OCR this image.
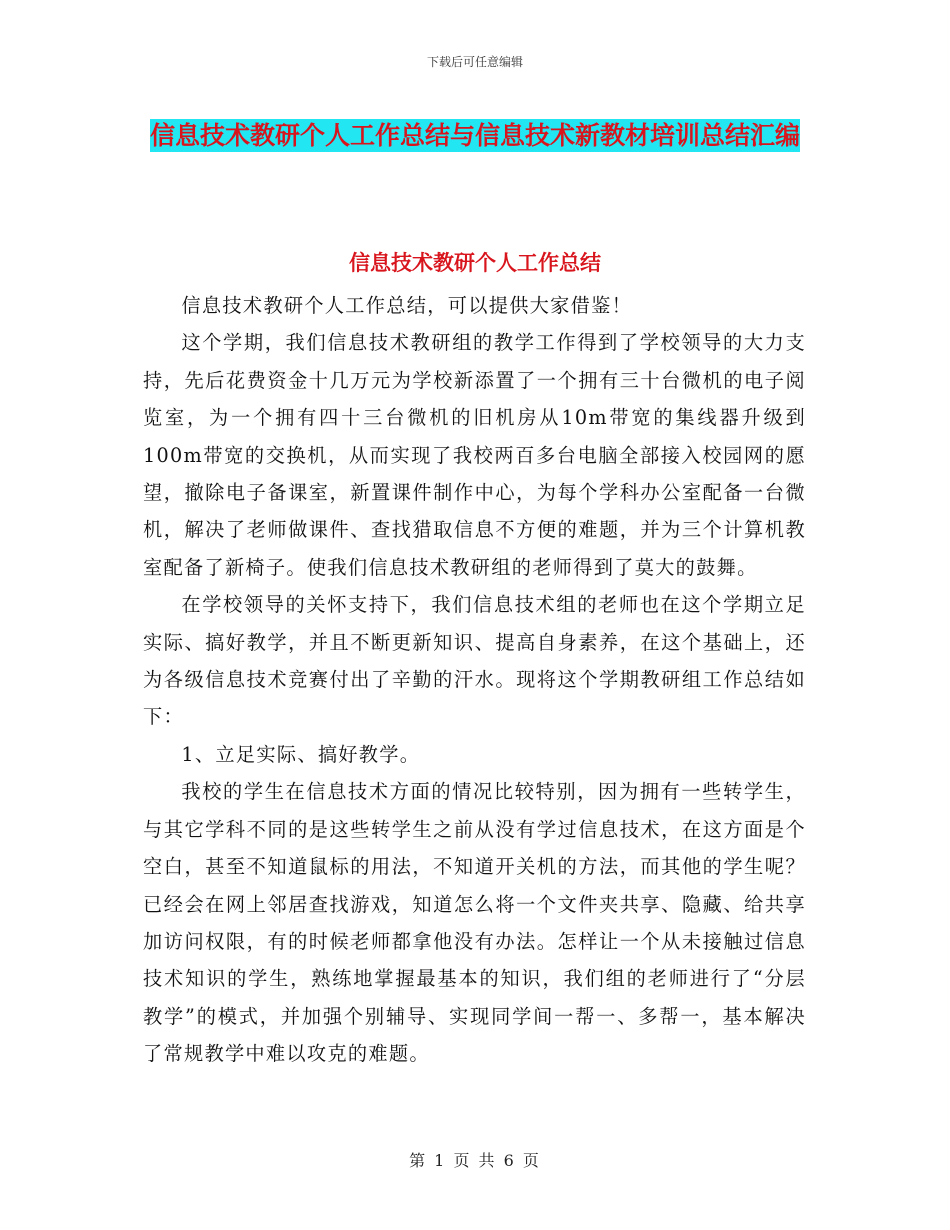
下载后可任意编辑
信息技术教研个人工作总结与信息技术新教材培训总结汇编
信息技术教研个人工作总结

信息技术教研个人工作总结，可以提供大家借鉴！

这个学期，我们信息技术教研组的教学工作得到了学校领导的大力支持，先后花费资金十几万元为学校新添置了一个拥有三十台微机的电子阅览室，为一个拥有四十三台微机的旧机房从10m带宽的集线器升级到100m带宽的交换机，从而实现了我校两百多台电脑全部接入校园网的愿望，撤除电子备课室，新置课件制作中心，为每个学科办公室配备一台微机，解决了老师做课件、查找猎取信息不方便的难题，并为三个计算机教室配备了新椅子。使我们信息技术教研组的老师得到了莫大的鼓舞。

在学校领导的关怀支持下，我们信息技术组的老师也在这个学期立足实际、搞好教学，并且不断更新知识、提高自身素养，在这个基础上，还为各级信息技术竞赛付出了辛勤的汗水。现将这个学期教研组工作总结如下：

1、立足实际、搞好教学。

我校的学生在信息技术方面的情况比较特别，因为拥有一些转学生，与其它学科不同的是这些转学生之前从没有学过信息技术，在这方面是个空白，甚至不知道鼠标的用法，不知道开关机的方法，而其他的学生呢？已经会在网上邻居查找游戏，知道怎么将一个文件夹共享、隐藏、给共享加访问权限，有的时候老师都拿他没有办法。怎样让一个从未接触过信息技术知识的学生，熟练地掌握最基本的知识，我们组的老师进行了“分层教学”的模式，并加强个别辅导、实现同学间一帮一、多帮一，基本解决了常规教学中难以攻克的难题。

第 1 页 共 6 页
